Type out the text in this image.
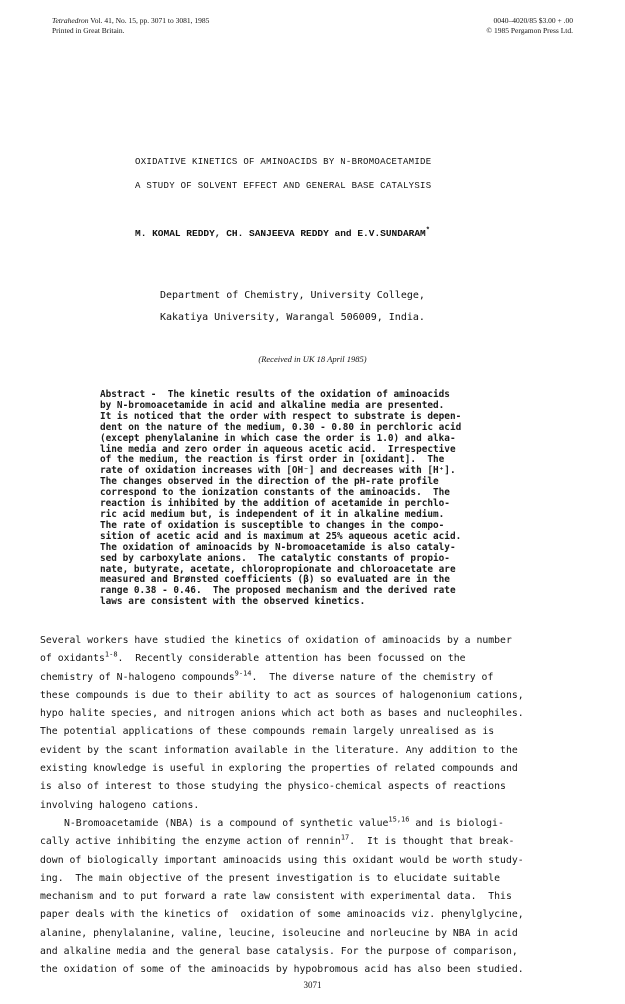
Tetrahedron Vol. 41, No. 15, pp. 3071 to 3081, 1985
Printed in Great Britain.
0040–4020/85 $3.00 + .00
© 1985 Pergamon Press Ltd.
OXIDATIVE KINETICS OF AMINOACIDS BY N-BROMOACETAMIDE
A STUDY OF SOLVENT EFFECT AND GENERAL BASE CATALYSIS
M. KOMAL REDDY, CH. SANJEEVA REDDY and E.V.SUNDARAM*
Department of Chemistry, University College,
Kakatiya University, Warangal 506009, India.
(Received in UK 18 April 1985)
Abstract -  The kinetic results of the oxidation of aminoacids
by N-bromoacetamide in acid and alkaline media are presented.
It is noticed that the order with respect to substrate is depen-
dent on the nature of the medium, 0.30 - 0.80 in perchloric acid
(except phenylalanine in which case the order is 1.0) and alka-
line media and zero order in aqueous acetic acid.  Irrespective
of the medium, the reaction is first order in [oxidant].  The
rate of oxidation increases with [OH⁻] and decreases with [H⁺].
The changes observed in the direction of the pH-rate profile
correspond to the ionization constants of the aminoacids.  The
reaction is inhibited by the addition of acetamide in perchlo-
ric acid medium but, is independent of it in alkaline medium.
The rate of oxidation is susceptible to changes in the compo-
sition of acetic acid and is maximum at 25% aqueous acetic acid.
The oxidation of aminoacids by N-bromoacetamide is also cataly-
sed by carboxylate anions.  The catalytic constants of propio-
nate, butyrate, acetate, chloropropionate and chloroacetate are
measured and Brønsted coefficients (β) so evaluated are in the
range 0.38 - 0.46.  The proposed mechanism and the derived rate
laws are consistent with the observed kinetics.
Several workers have studied the kinetics of oxidation of aminoacids by a number
of oxidants$^{1-8}$.  Recently considerable attention has been focussed on the
chemistry of N-halogeno compounds$^{9-14}$.  The diverse nature of the chemistry of
these compounds is due to their ability to act as sources of halogenonium cations,
hypo halite species, and nitrogen anions which act both as bases and nucleophiles.
The potential applications of these compounds remain largely unrealised as is
evident by the scant information available in the literature. Any addition to the
existing knowledge is useful in exploring the properties of related compounds and
is also of interest to those studying the physico-chemical aspects of reactions
involving halogeno cations.
N-Bromoacetamide (NBA) is a compound of synthetic value$^{15,16}$ and is biologi-
cally active inhibiting the enzyme action of rennin$^{17}$.  It is thought that break-
down of biologically important aminoacids using this oxidant would be worth study-
ing.  The main objective of the present investigation is to elucidate suitable
mechanism and to put forward a rate law consistent with experimental data.  This
paper deals with the kinetics of  oxidation of some aminoacids viz. phenylglycine,
alanine, phenylalanine, valine, leucine, isoleucine and norleucine by NBA in acid
and alkaline media and the general base catalysis. For the purpose of comparison,
the oxidation of some of the aminoacids by hypobromous acid has also been studied.
3071
